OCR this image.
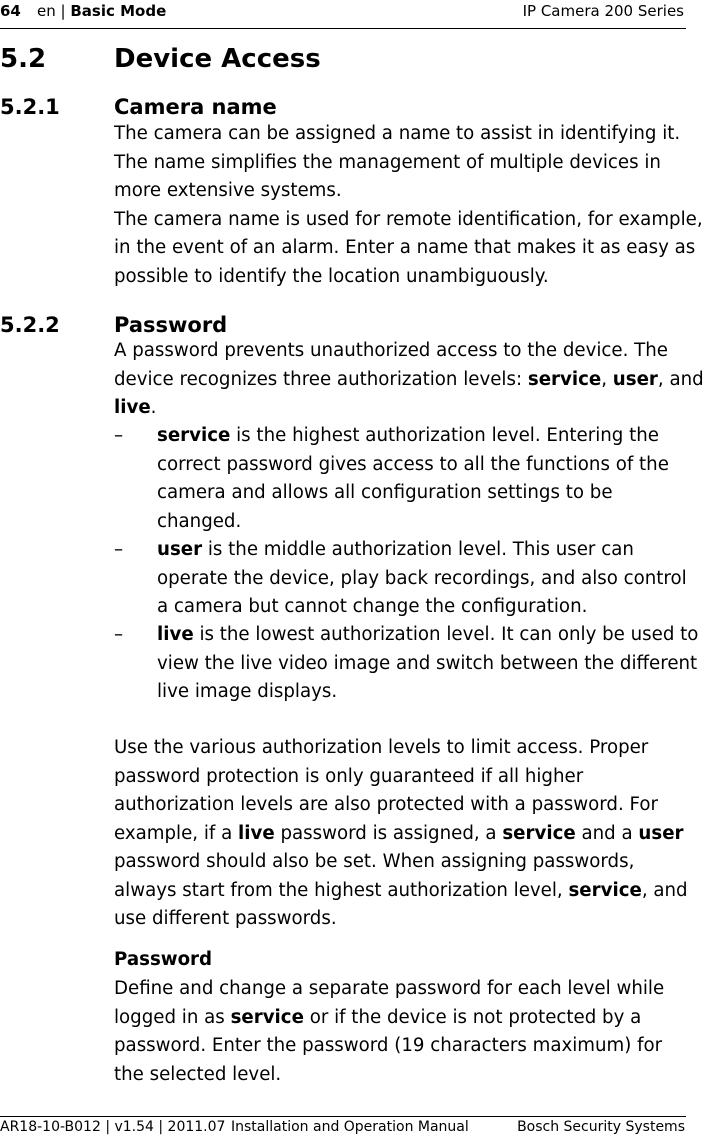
64 en | Basic Mode	IP Camera 200 Series
5.2	Device Access
5.2.1	Camera name
The camera can be assigned a name to assist in identifying it.
The name simplifies the management of multiple devices in
more extensive systems.
The camera name is used for remote identification, for example,
in the event of an alarm. Enter a name that makes it as easy as
possible to identify the location unambiguously.
5.2.2	Password
A password prevents unauthorized access to the device. The
device recognizes three authorization levels: service, user, and
live.
– service is the highest authorization level. Entering the
correct password gives access to all the functions of the
camera and allows all configuration settings to be
changed.
– user is the middle authorization level. This user can
operate the device, play back recordings, and also control
a camera but cannot change the configuration.
– live is the lowest authorization level. It can only be used to
view the live video image and switch between the different
live image displays.
Use the various authorization levels to limit access. Proper
password protection is only guaranteed if all higher
authorization levels are also protected with a password. For
example, if a live password is assigned, a service and a user
password should also be set. When assigning passwords,
always start from the highest authorization level, service, and
use different passwords.
Password
Define and change a separate password for each level while
logged in as service or if the device is not protected by a
password. Enter the password (19 characters maximum) for
the selected level.
AR18-10-B012 | v1.54 | 2011.07 Installation and Operation Manual	Bosch Security Systems
